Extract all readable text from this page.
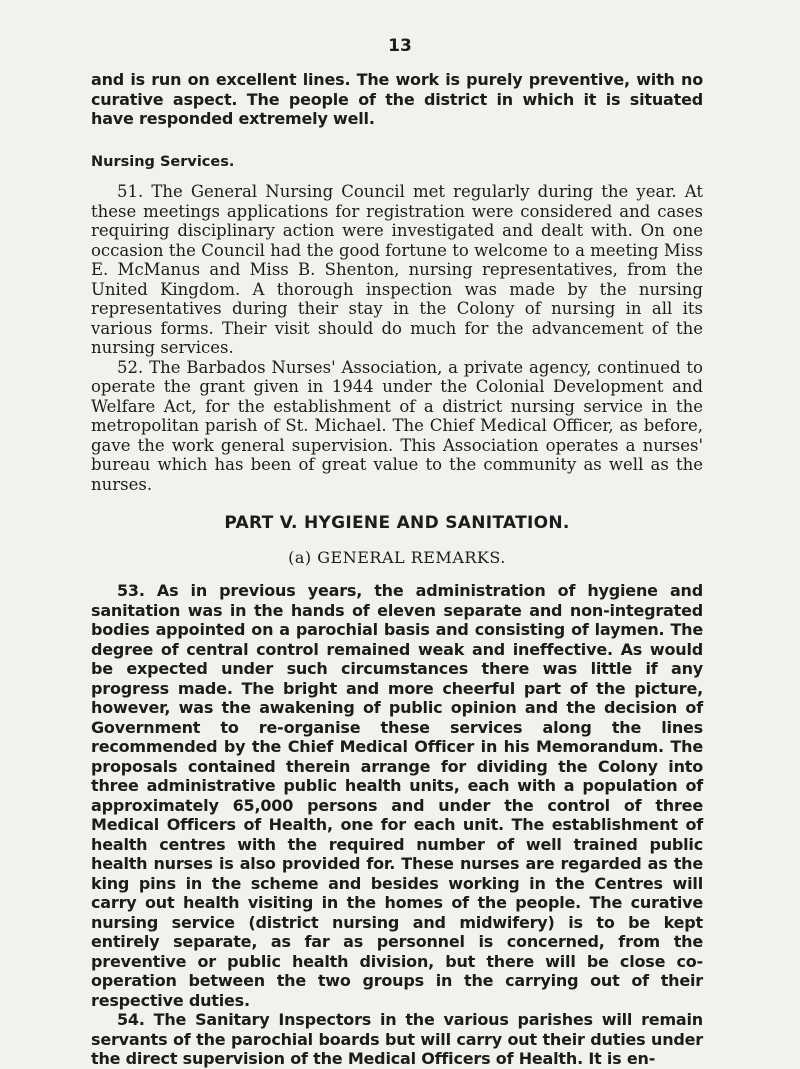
13

and is run on excellent lines. The work is purely preventive, with no curative aspect. The people of the district in which it is situated have responded extremely well.

Nursing Services.

51. The General Nursing Council met regularly during the year. At these meetings applications for registration were considered and cases requiring disciplinary action were investigated and dealt with. On one occasion the Council had the good fortune to welcome to a meeting Miss E. McManus and Miss B. Shenton, nursing representatives, from the United Kingdom. A thorough inspection was made by the nursing representatives during their stay in the Colony of nursing in all its various forms. Their visit should do much for the advancement of the nursing services.

52. The Barbados Nurses' Association, a private agency, continued to operate the grant given in 1944 under the Colonial Development and Welfare Act, for the establishment of a district nursing service in the metropolitan parish of St. Michael. The Chief Medical Officer, as before, gave the work general supervision. This Association operates a nurses' bureau which has been of great value to the community as well as the nurses.

PART V. HYGIENE AND SANITATION.
(a) GENERAL REMARKS.

53. As in previous years, the administration of hygiene and sanitation was in the hands of eleven separate and non-integrated bodies appointed on a parochial basis and consisting of laymen. The degree of central control remained weak and ineffective. As would be expected under such circumstances there was little if any progress made. The bright and more cheerful part of the picture, however, was the awakening of public opinion and the decision of Government to re-organise these services along the lines recommended by the Chief Medical Officer in his Memorandum. The proposals contained therein arrange for dividing the Colony into three administrative public health units, each with a population of approximately 65,000 persons and under the control of three Medical Officers of Health, one for each unit. The establishment of health centres with the required number of well trained public health nurses is also provided for. These nurses are regarded as the king pins in the scheme and besides working in the Centres will carry out health visiting in the homes of the people. The curative nursing service (district nursing and midwifery) is to be kept entirely separate, as far as personnel is concerned, from the preventive or public health division, but there will be close co-operation between the two groups in the carrying out of their respective duties.

54. The Sanitary Inspectors in the various parishes will remain servants of the parochial boards but will carry out their duties under the direct supervision of the Medical Officers of Health. It is en-
